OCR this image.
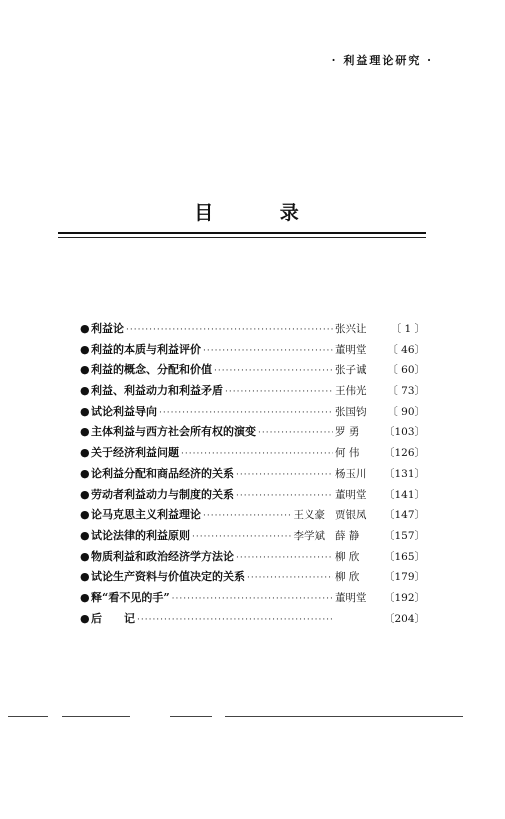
· 利益理论研究 ·
目 录
● 利益论 ·····	张兴让	〔 1 〕
● 利益的本质与利益评价 ·····	董明堂	〔 46〕
● 利益的概念、分配和价值 ·····	张子诚	〔 60〕
● 利益、利益动力和利益矛盾 ·····	王伟光	〔 73〕
● 试论利益导向 ·····	张国钧	〔 90〕
● 主体利益与西方社会所有权的演变 ·····	罗 勇	〔103〕
● 关于经济利益问题 ·····	何 伟	〔126〕
● 论利益分配和商品经济的关系 ·····	杨玉川	〔131〕
● 劳动者利益动力与制度的关系 ·····	董明堂	〔141〕
● 论马克思主义利益理论 ·····	王义豪 贾银凤	〔147〕
● 试论法律的利益原则 ·····	李学斌 薛 静	〔157〕
● 物质利益和政治经济学方法论 ·····	柳 欣	〔165〕
● 试论生产资料与价值决定的关系 ·····	柳 欣	〔179〕
● 释“看不见的手” ·····	董明堂	〔192〕
● 后　　记 ·····	〔204〕
